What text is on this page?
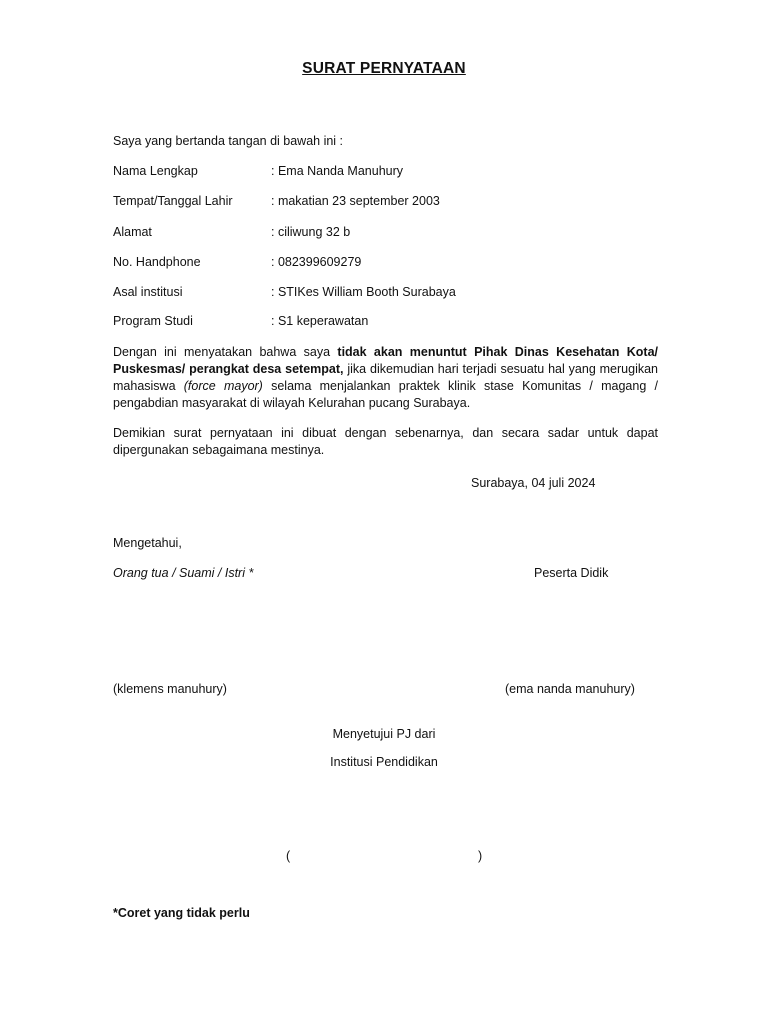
SURAT PERNYATAAN
Saya yang bertanda tangan di bawah ini :
Nama Lengkap	: Ema Nanda Manuhury
Tempat/Tanggal Lahir	: makatian 23 september 2003
Alamat	: ciliwung 32 b
No. Handphone	: 082399609279
Asal institusi	: STIKes William Booth Surabaya
Program Studi	: S1 keperawatan
Dengan ini menyatakan bahwa saya tidak akan menuntut Pihak Dinas Kesehatan Kota/ Puskesmas/ perangkat desa setempat, jika dikemudian hari terjadi sesuatu hal yang merugikan mahasiswa (force mayor) selama menjalankan praktek klinik stase Komunitas / magang / pengabdian masyarakat di wilayah Kelurahan pucang Surabaya.
Demikian surat pernyataan ini dibuat dengan sebenarnya, dan secara sadar untuk dapat dipergunakan sebagaimana mestinya.
Surabaya, 04 juli 2024
Mengetahui,
Orang tua / Suami / Istri *	Peserta Didik
(klemens manuhury)	(ema nanda manuhury)
Menyetujui PJ dari
Institusi Pendidikan
(	)
*Coret yang tidak perlu
